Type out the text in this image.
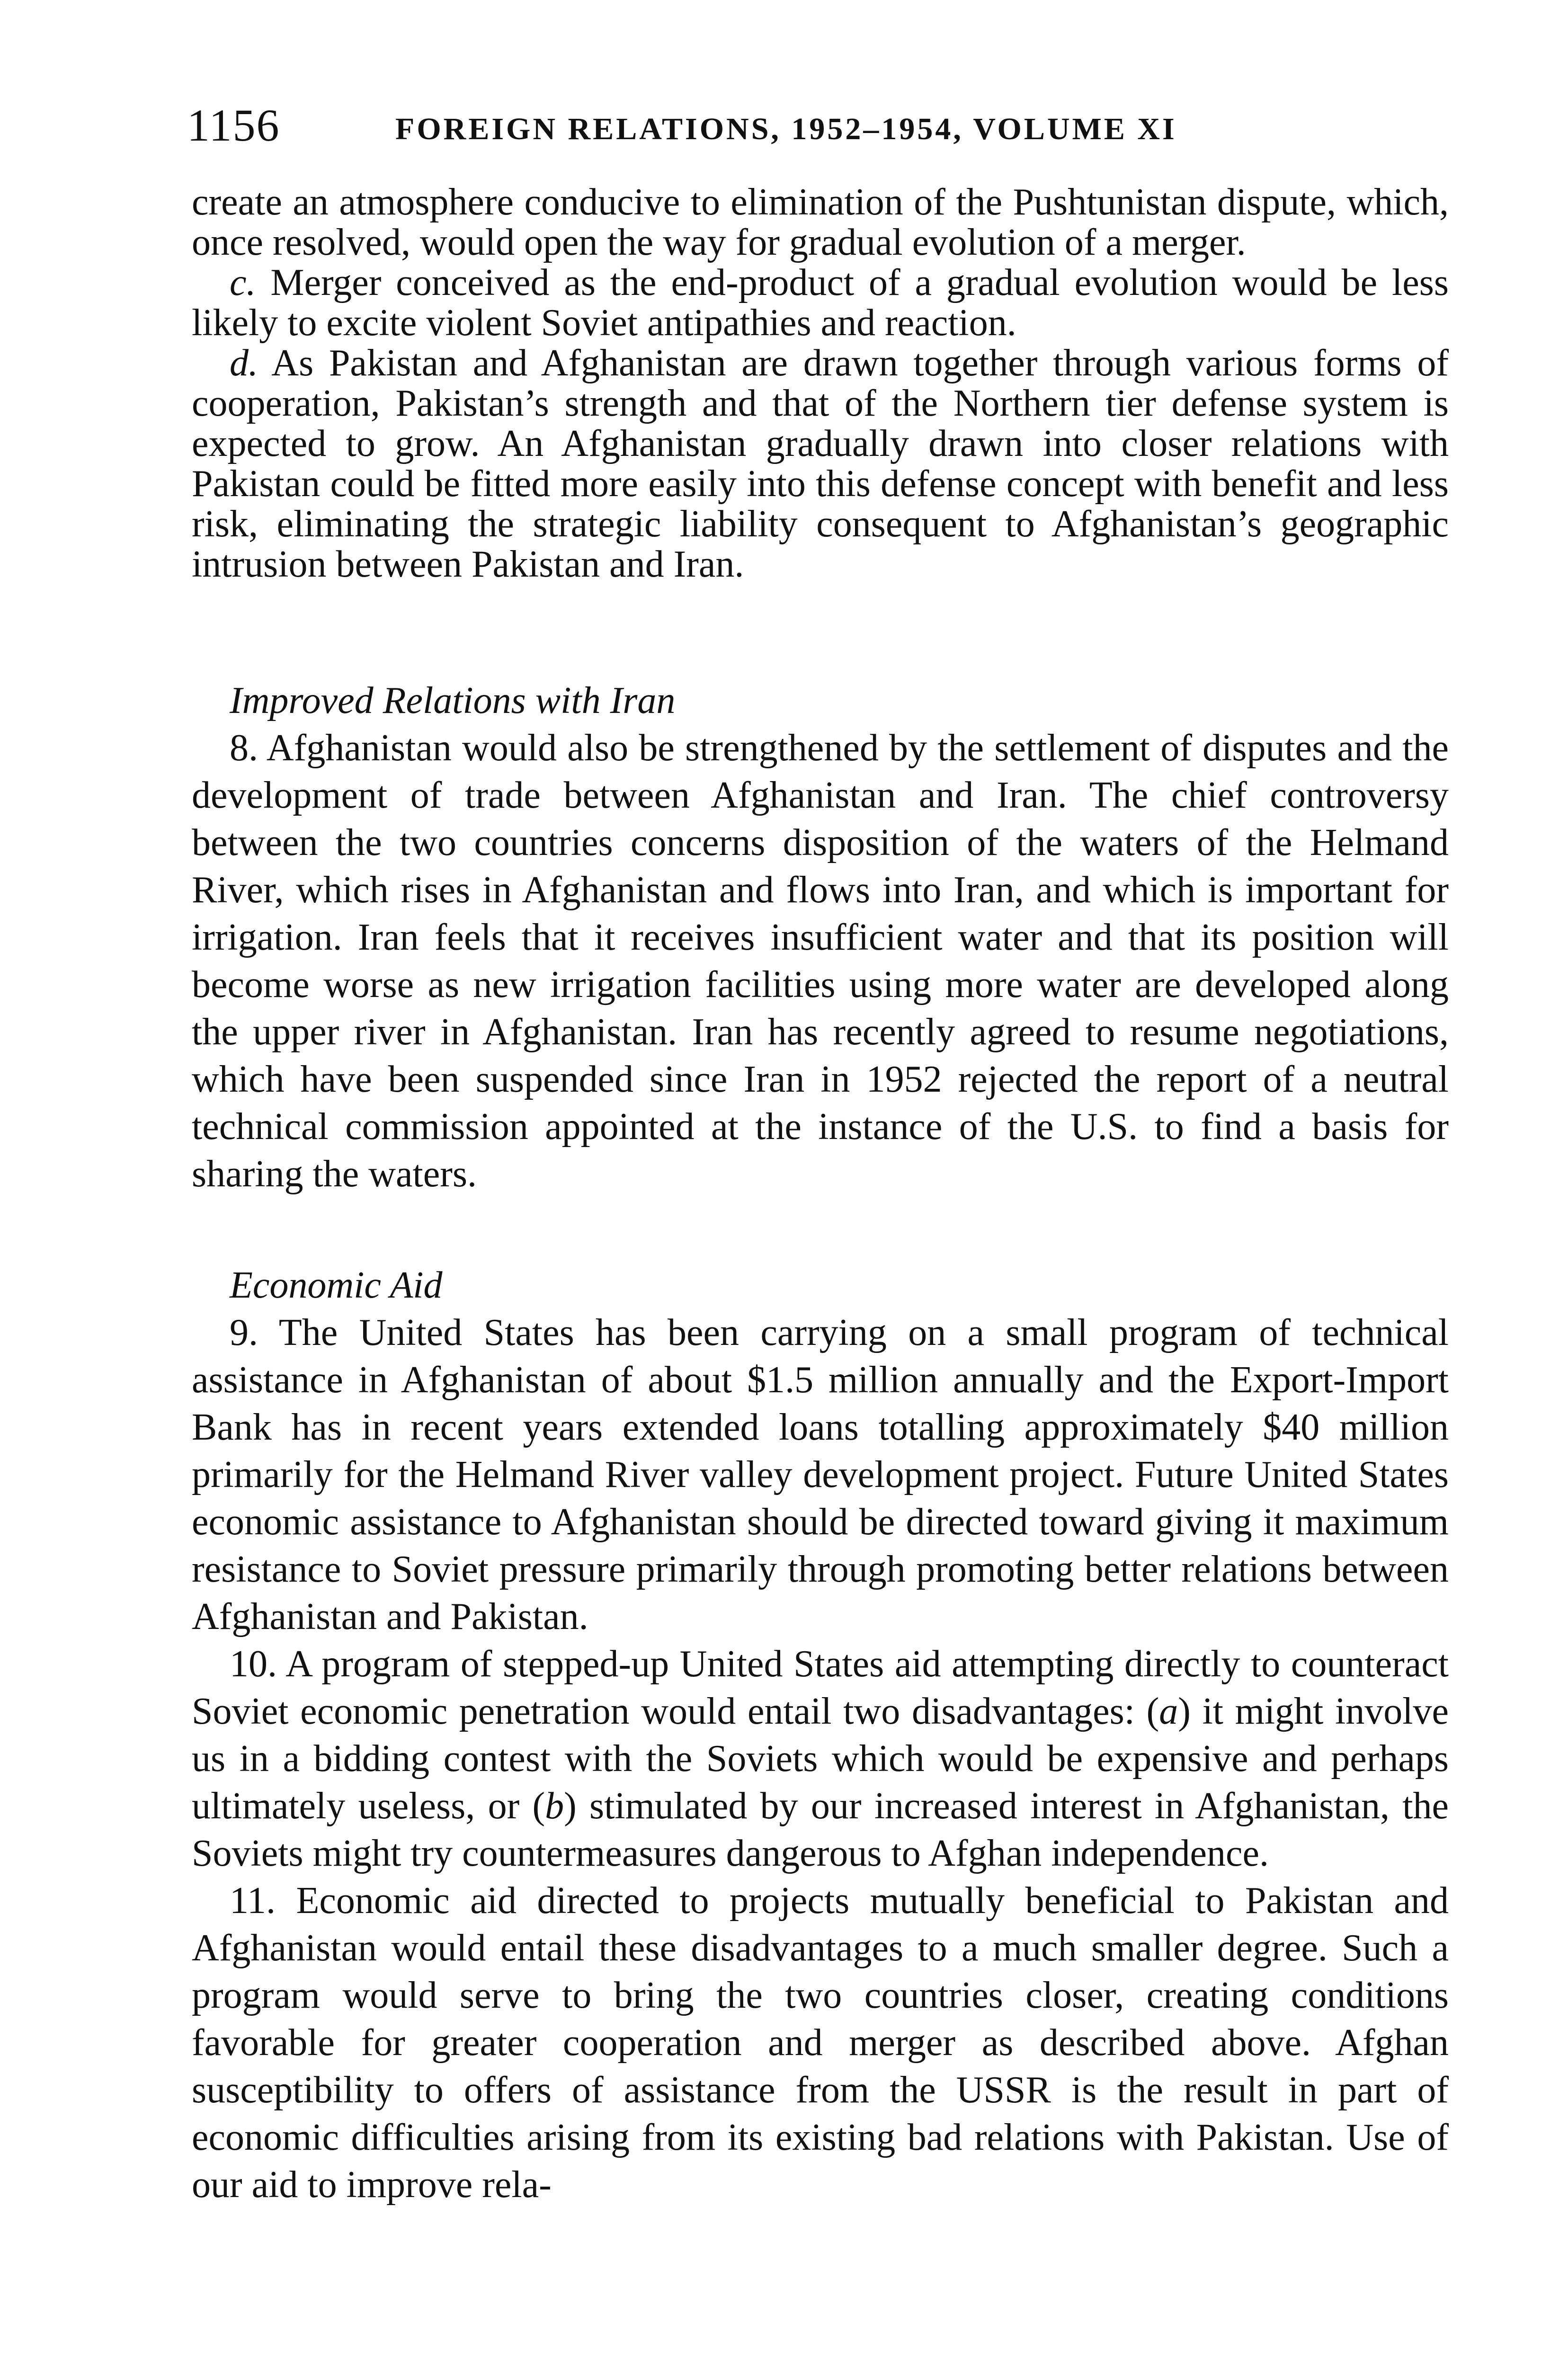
1156	FOREIGN RELATIONS, 1952–1954, VOLUME XI

create an atmosphere conducive to elimination of the Pushtunistan dispute, which, once resolved, would open the way for gradual evolution of a merger.

c. Merger conceived as the end-product of a gradual evolution would be less likely to excite violent Soviet antipathies and reaction.

d. As Pakistan and Afghanistan are drawn together through various forms of cooperation, Pakistan’s strength and that of the Northern tier defense system is expected to grow. An Afghanistan gradually drawn into closer relations with Pakistan could be fitted more easily into this defense concept with benefit and less risk, eliminating the strategic liability consequent to Afghanistan’s geographic intrusion between Pakistan and Iran.

Improved Relations with Iran

8. Afghanistan would also be strengthened by the settlement of disputes and the development of trade between Afghanistan and Iran. The chief controversy between the two countries concerns disposition of the waters of the Helmand River, which rises in Afghanistan and flows into Iran, and which is important for irrigation. Iran feels that it receives insufficient water and that its position will become worse as new irrigation facilities using more water are developed along the upper river in Afghanistan. Iran has recently agreed to resume negotiations, which have been suspended since Iran in 1952 rejected the report of a neutral technical commission appointed at the instance of the U.S. to find a basis for sharing the waters.

Economic Aid

9. The United States has been carrying on a small program of technical assistance in Afghanistan of about $1.5 million annually and the Export-Import Bank has in recent years extended loans totalling approximately $40 million primarily for the Helmand River valley development project. Future United States economic assistance to Afghanistan should be directed toward giving it maximum resistance to Soviet pressure primarily through promoting better relations between Afghanistan and Pakistan.

10. A program of stepped-up United States aid attempting directly to counteract Soviet economic penetration would entail two disadvantages: (a) it might involve us in a bidding contest with the Soviets which would be expensive and perhaps ultimately useless, or (b) stimulated by our increased interest in Afghanistan, the Soviets might try countermeasures dangerous to Afghan independence.

11. Economic aid directed to projects mutually beneficial to Pakistan and Afghanistan would entail these disadvantages to a much smaller degree. Such a program would serve to bring the two countries closer, creating conditions favorable for greater cooperation and merger as described above. Afghan susceptibility to offers of assistance from the USSR is the result in part of economic difficulties arising from its existing bad relations with Pakistan. Use of our aid to improve rela-
